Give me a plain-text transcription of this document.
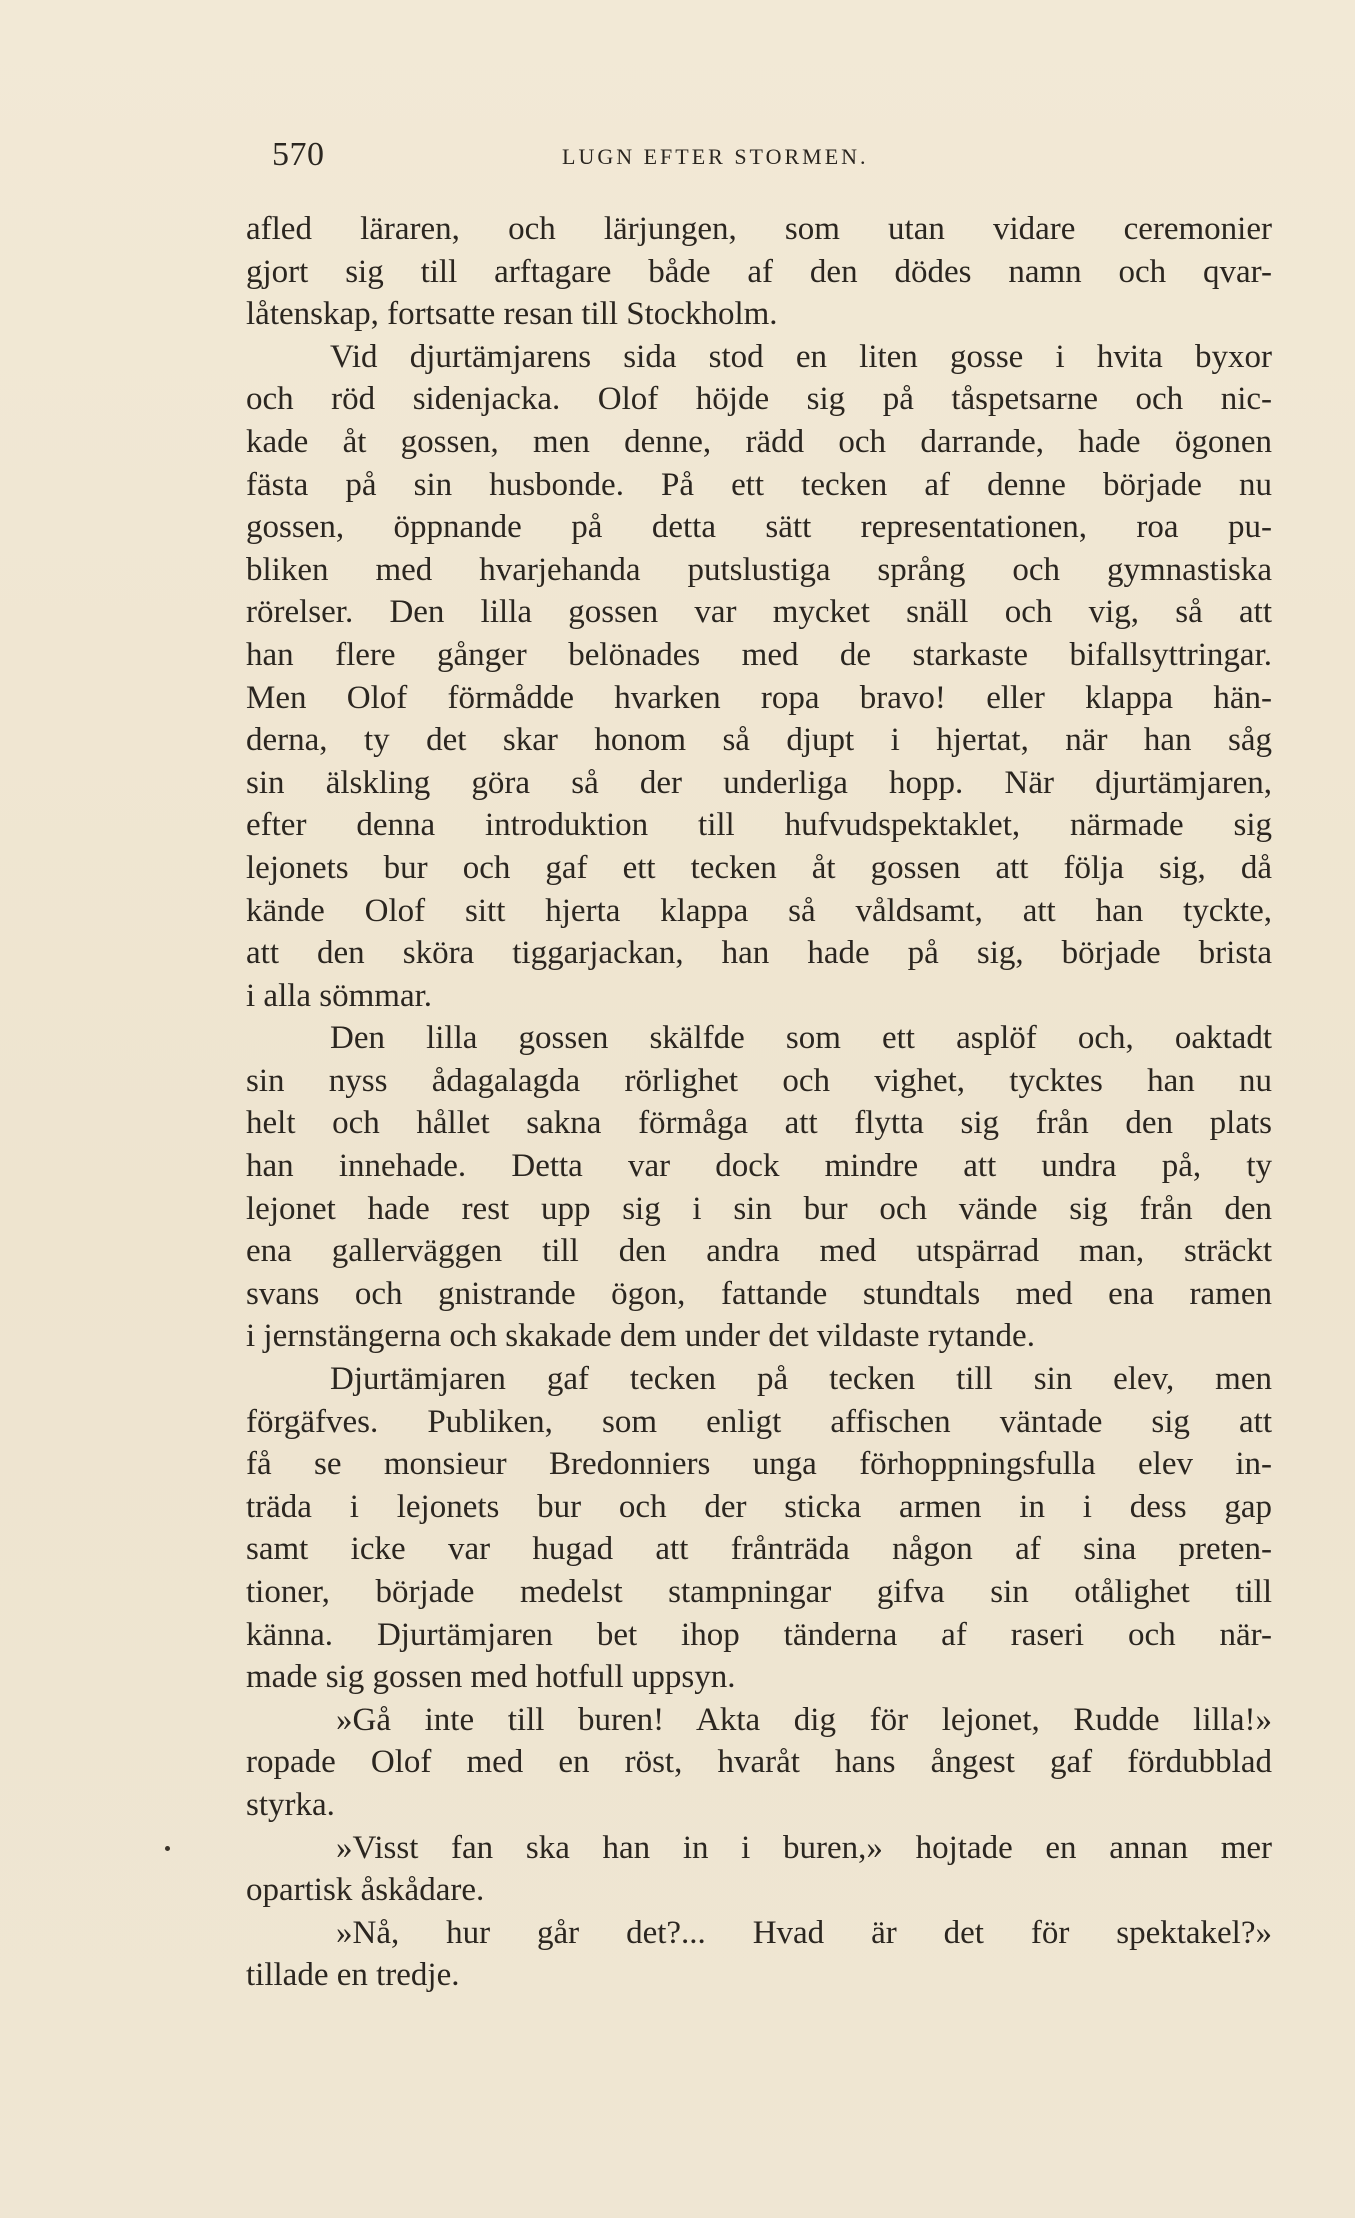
570	LUGN EFTER STORMEN.
afled läraren, och lärjungen, som utan vidare ceremonier
gjort sig till arftagare både af den dödes namn och qvar-
låtenskap, fortsatte resan till Stockholm.
Vid djurtämjarens sida stod en liten gosse i hvita byxor
och röd sidenjacka. Olof höjde sig på tåspetsarne och nic-
kade åt gossen, men denne, rädd och darrande, hade ögonen
fästa på sin husbonde. På ett tecken af denne började nu
gossen, öppnande på detta sätt representationen, roa pu-
bliken med hvarjehanda putslustiga språng och gymnastiska
rörelser. Den lilla gossen var mycket snäll och vig, så att
han flere gånger belönades med de starkaste bifallsyttringar.
Men Olof förmådde hvarken ropa bravo! eller klappa hän-
derna, ty det skar honom så djupt i hjertat, när han såg
sin älskling göra så der underliga hopp. När djurtämjaren,
efter denna introduktion till hufvudspektaklet, närmade sig
lejonets bur och gaf ett tecken åt gossen att följa sig, då
kände Olof sitt hjerta klappa så våldsamt, att han tyckte,
att den sköra tiggarjackan, han hade på sig, började brista
i alla sömmar.
Den lilla gossen skälfde som ett asplöf och, oaktadt
sin nyss ådagalagda rörlighet och vighet, tycktes han nu
helt och hållet sakna förmåga att flytta sig från den plats
han innehade. Detta var dock mindre att undra på, ty
lejonet hade rest upp sig i sin bur och vände sig från den
ena gallerväggen till den andra med utspärrad man, sträckt
svans och gnistrande ögon, fattande stundtals med ena ramen
i jernstängerna och skakade dem under det vildaste rytande.
Djurtämjaren gaf tecken på tecken till sin elev, men
förgäfves. Publiken, som enligt affischen väntade sig att
få se monsieur Bredonniers unga förhoppningsfulla elev in-
träda i lejonets bur och der sticka armen in i dess gap
samt icke var hugad att frånträda någon af sina preten-
tioner, började medelst stampningar gifva sin otålighet till
känna. Djurtämjaren bet ihop tänderna af raseri och när-
made sig gossen med hotfull uppsyn.
»Gå inte till buren! Akta dig för lejonet, Rudde lilla!»
ropade Olof med en röst, hvaråt hans ångest gaf fördubblad
styrka.
»Visst fan ska han in i buren,» hojtade en annan mer
opartisk åskådare.
»Nå, hur går det?... Hvad är det för spektakel?»
tillade en tredje.
